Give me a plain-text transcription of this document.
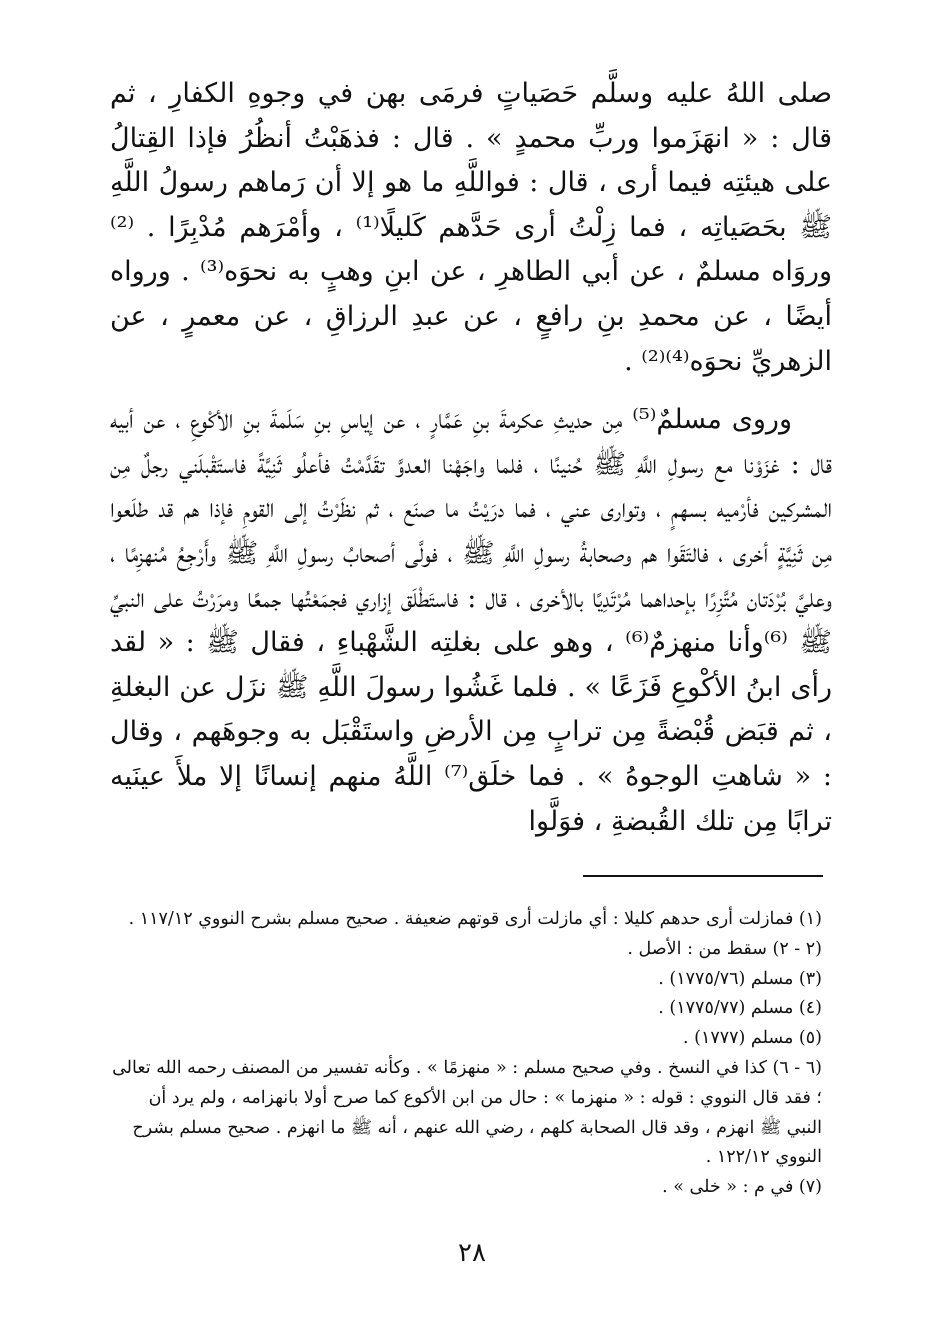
صلى اللهُ عليه وسلَّم حَصَياتٍ فرمَى بهن في وجوهِ الكفارِ ، ثم قال : « انهَزَموا وربِّ محمدٍ » . قال : فذهَبْتُ أنظُرُ فإذا القِتالُ على هيئتِه فيما أرى ، قال : فواللَّهِ ما هو إلا أن رَماهم رسولُ اللَّهِ ﷺ بحَصَياتِه ، فما زِلْتُ أرى حَدَّهم كَليلًا⁽¹⁾ ، وأمْرَهم مُدْبِرًا . ⁽²⁾وروَاه مسلمٌ ، عن أبي الطاهرِ ، عن ابنِ وهبٍ به نحوَه⁽³⁾ . ورواه أيضًا ، عن محمدِ بنِ رافعٍ ، عن عبدِ الرزاقِ ، عن معمرٍ ، عن الزهريِّ نحوَه⁽⁴⁾⁽²⁾ .

وروى مسلمٌ⁽⁵⁾ مِن حديثِ عكرمةَ بنِ عَمَّارٍ ، عن إياسِ بنِ سَلَمةَ بنِ الأكْوعِ ، عن أبيه قال : غزَوْنا مع رسولِ اللَّهِ ﷺ حُنينًا ، فلما واجَهْنا العدوَّ تقَدَّمْتُ فأعلُو ثَنِيَّةً فاستَقْبلَني رجلٌ مِن المشركين فأرْميه بسهمٍ ، وتوارى عني ، فما درَيْتُ ما صنَع ، ثم نظَرْتُ إلى القومِ فإذا هم قد طلَعوا مِن ثَنِيَّةٍ أخرى ، فالتَقَوا هم وصحابةُ رسولِ اللَّهِ ﷺ ، فولَّى أصحابُ رسولِ اللَّهِ ﷺ وأَرْجِعُ مُنهزِمًا ، وعليَّ بُرْدَتان مُتَّزِرًا بإحداهما مُرْتَدِيًا بالأخرى ، قال : فاستَطْلَق إزاري فجمَعْتُها جمعًا ومرَرْتُ على النبيِّ ﷺ ⁽⁶⁾وأنا منهزمٌ⁽⁶⁾ ، وهو على بغلتِه الشَّهْباءِ ، فقال ﷺ : « لقد رأى ابنُ الأكْوعِ فَزَعًا » . فلما غَشُوا رسولَ اللَّهِ ﷺ نزَل عن البغلةِ ، ثم قبَض قُبْضةً مِن ترابٍ مِن الأرضِ واستَقْبَل به وجوهَهم ، وقال : « شاهتِ الوجوهُ » . فما خلَق⁽⁷⁾ اللَّهُ منهم إنسانًا إلا ملأَ عينَيه ترابًا مِن تلك القُبضةِ ، فوَلَّوا

(١) فمازلت أرى حدهم كليلا : أي مازلت أرى قوتهم ضعيفة . صحيح مسلم بشرح النووي ١١٧/١٢ .

(٢ - ٢) سقط من : الأصل .

(٣) مسلم (١٧٧٥/٧٦) .

(٤) مسلم (١٧٧٥/٧٧) .

(٥) مسلم (١٧٧٧) .

(٦ - ٦) كذا في النسخ . وفي صحيح مسلم : « منهزمًا » . وكأنه تفسير من المصنف رحمه الله تعالى ؛ فقد قال النووي : قوله : « منهزما » : حال من ابن الأكوع كما صرح أولا بانهزامه ، ولم يرد أن النبي ﷺ انهزم ، وقد قال الصحابة كلهم ، رضي الله عنهم ، أنه ﷺ ما انهزم . صحيح مسلم بشرح النووي ١٢٢/١٢ .

(٧) في م : « خلى » .

٢٨
